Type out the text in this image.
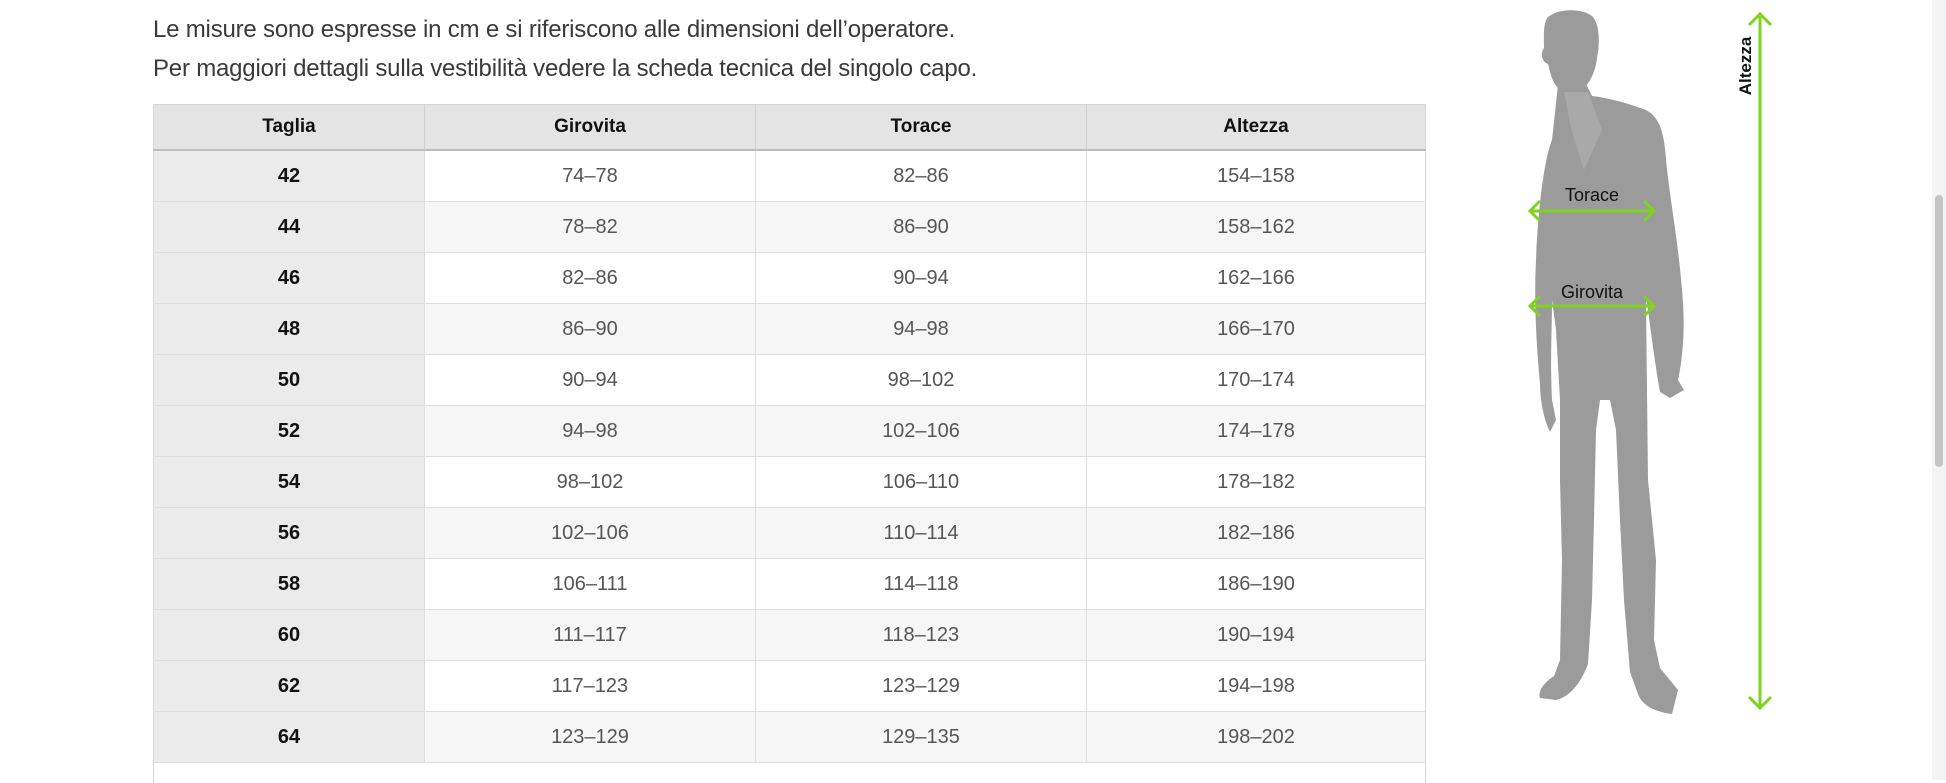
Le misure sono espresse in cm e si riferiscono alle dimensioni dell’operatore.

Per maggiori dettagli sulla vestibilità vedere la scheda tecnica del singolo capo.

Taglia	Girovita	Torace	Altezza
42	74–78	82–86	154–158
44	78–82	86–90	158–162
46	82–86	90–94	162–166
48	86–90	94–98	166–170
50	90–94	98–102	170–174
52	94–98	102–106	174–178
54	98–102	106–110	178–182
56	102–106	110–114	182–186
58	106–111	114–118	186–190
60	111–117	118–123	190–194
62	117–123	123–129	194–198
64	123–129	129–135	198–202
Torace
Girovita
Altezza
